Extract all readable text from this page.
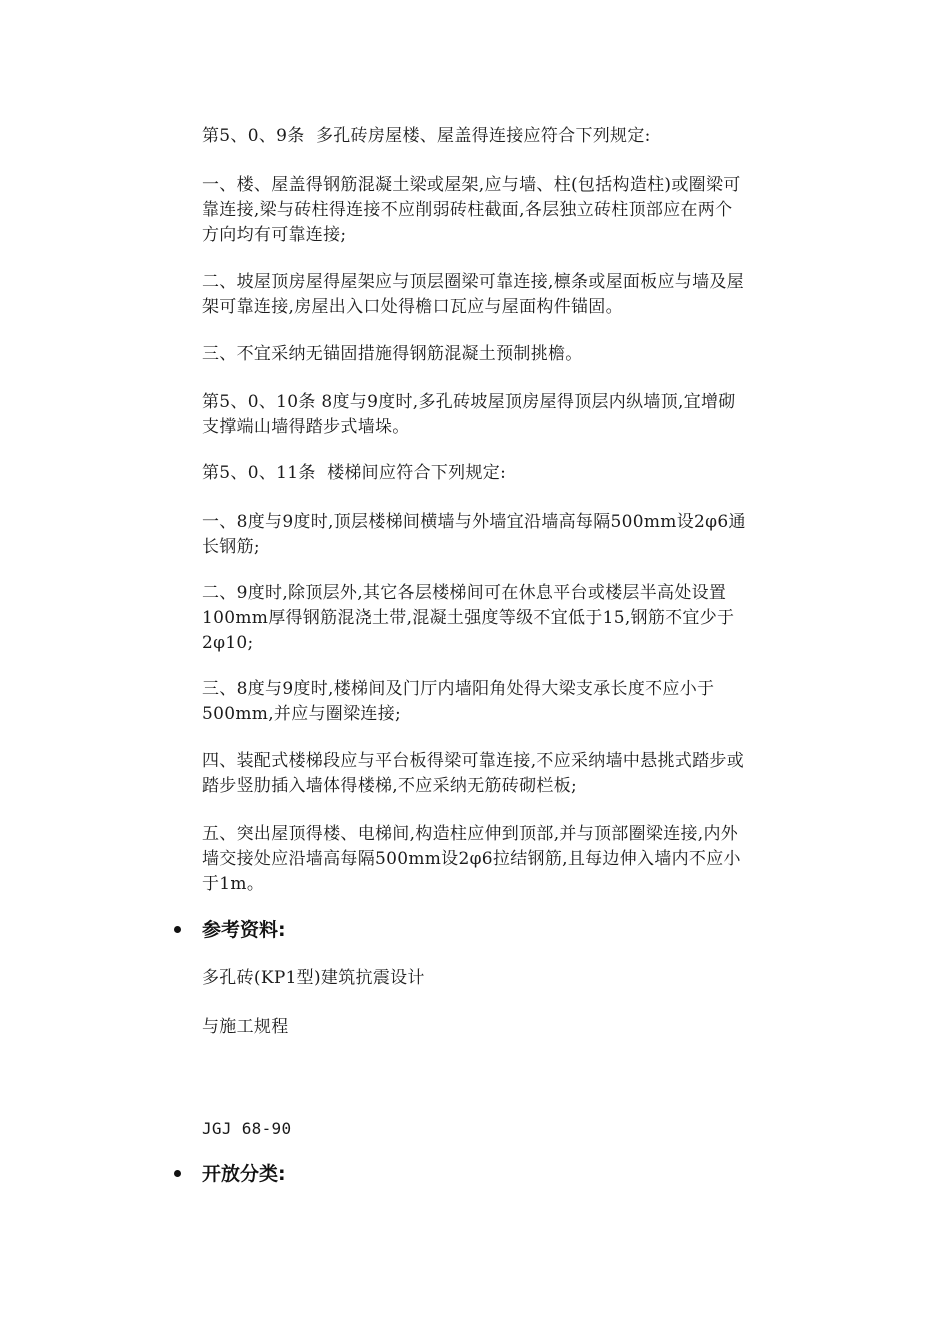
第5、0、9条  多孔砖房屋楼、屋盖得连接应符合下列规定:

一、楼、屋盖得钢筋混凝土梁或屋架,应与墙、柱(包括构造柱)或圈梁可
靠连接,梁与砖柱得连接不应削弱砖柱截面,各层独立砖柱顶部应在两个
方向均有可靠连接;

二、坡屋顶房屋得屋架应与顶层圈梁可靠连接,檩条或屋面板应与墙及屋
架可靠连接,房屋出入口处得檐口瓦应与屋面构件锚固。

三、不宜采纳无锚固措施得钢筋混凝土预制挑檐。

第5、0、10条 8度与9度时,多孔砖坡屋顶房屋得顶层内纵墙顶,宜增砌
支撑端山墙得踏步式墙垛。

第5、0、11条  楼梯间应符合下列规定:

一、8度与9度时,顶层楼梯间横墙与外墙宜沿墙高每隔500mm设2φ6通
长钢筋;

二、9度时,除顶层外,其它各层楼梯间可在休息平台或楼层半高处设置
100mm厚得钢筋混浇土带,混凝土强度等级不宜低于15,钢筋不宜少于
2φ10;

三、8度与9度时,楼梯间及门厅内墙阳角处得大梁支承长度不应小于
500mm,并应与圈梁连接;

四、装配式楼梯段应与平台板得梁可靠连接,不应采纳墙中悬挑式踏步或
踏步竖肋插入墙体得楼梯,不应采纳无筋砖砌栏板;

五、突出屋顶得楼、电梯间,构造柱应伸到顶部,并与顶部圈梁连接,内外
墙交接处应沿墙高每隔500mm设2φ6拉结钢筋,且每边伸入墙内不应小
于1m。

参考资料:
多孔砖(KP1型)建筑抗震设计
与施工规程
JGJ 68-90
开放分类:
